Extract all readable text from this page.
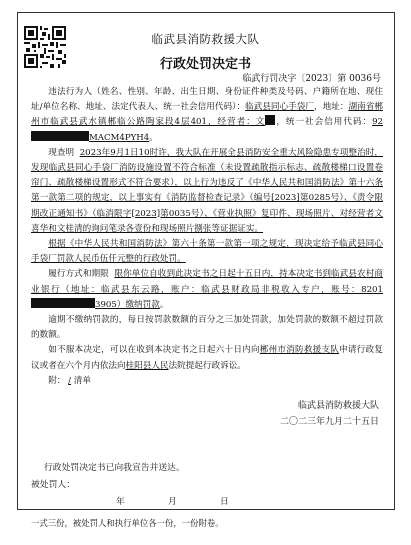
临武县消防救援大队
行政处罚决定书
临武行罚决字〔2023〕第 0036号

违法行为人（姓名、性别、年龄、出生日期、身份证件种类及号码、户籍所在地、现住址/单位名称、地址、法定代表人、统一社会信用代码）：临武县同心手袋厂，地址：湖南省郴州市临武县武水镇郴临公路陶家段4层401，经营者：文 ，统一社会信用代码：92MACM4PYH4。

现查明 2023年9月1日10时许，我大队在开展全县消防安全重大风险隐患专项整治时，发现临武县同心手袋厂消防设施设置不符合标准（未设置疏散指示标志、疏散楼梯口设置卷帘门、疏散楼梯设置形式不符合要求），以上行为违反了《中华人民共和国消防法》第十六条第一款第二项的规定，以上事实有《消防监督检查记录》（编号[2023]第0285号）、《责令限期改正通知书》（临消限字[2023]第0035号）、《营业执照》复印件、现场照片、对经营者文喜华和文桂清的询问笔录各壹份和现场照片捌张等证据证实。

根据《中华人民共和国消防法》第六十条第一款第一项之规定，现决定给予临武县同心手袋厂罚款人民币伍仟元整的行政处罚。

履行方式和期限 限你单位自收到此决定书之日起十五日内，持本决定书到临武县农村商业银行（地址：临武县东云路，账户：临武县财政局非税收入专户，账号：82013905）缴纳罚款。

逾期不缴纳罚款的，每日按罚款数额的百分之三加处罚款，加处罚款的数额不超过罚款的数额。

如不服本决定，可以在收到本决定书之日起六十日内向郴州市消防救援支队申请行政复议或者在六个月内依法向桂阳县人民法院提起行政诉讼。

附： / 清单

临武县消防救援大队
二〇二三年九月二十五日
行政处罚决定书已向我宣告并送达。
被处罚人：
年	月	日
一式三份，被处罚人和执行单位各一份，一份附卷。
